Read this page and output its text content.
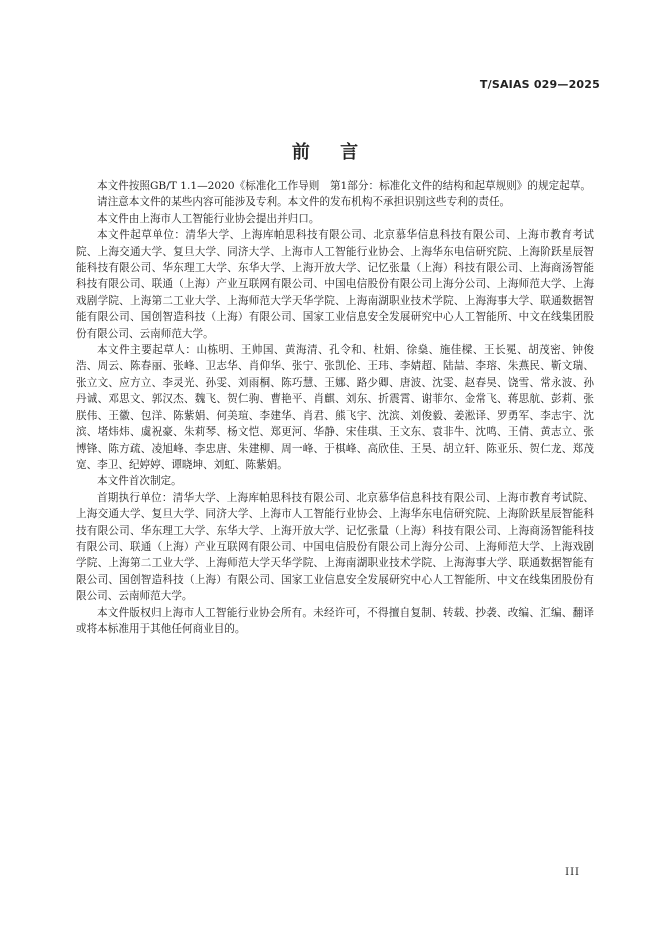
T/SAIAS 029—2025
前 言

本文件按照GB/T 1.1—2020《标准化工作导则　第1部分：标准化文件的结构和起草规则》的规定起草。

请注意本文件的某些内容可能涉及专利。本文件的发布机构不承担识别这些专利的责任。

本文件由上海市人工智能行业协会提出并归口。

本文件起草单位：清华大学、上海库帕思科技有限公司、北京慕华信息科技有限公司、上海市教育考试院、上海交通大学、复旦大学、同济大学、上海市人工智能行业协会、上海华东电信研究院、上海阶跃星辰智能科技有限公司、华东理工大学、东华大学、上海开放大学、记忆张量（上海）科技有限公司、上海商汤智能科技有限公司、联通（上海）产业互联网有限公司、中国电信股份有限公司上海分公司、上海师范大学、上海戏剧学院、上海第二工业大学、上海师范大学天华学院、上海南湖职业技术学院、上海海事大学、联通数据智能有限公司、国创智造科技（上海）有限公司、国家工业信息安全发展研究中心人工智能所、中文在线集团股份有限公司、云南师范大学。

本文件主要起草人：山栋明、王帅国、黄海清、孔令和、杜娟、徐燊、施佳樑、王长冕、胡茂密、钟俊浩、周云、陈春丽、张峰、卫志华、肖仰华、张宁、张凯伦、王玮、李婧超、陆喆、李瑢、朱燕民、靳文瑞、张立文、应方立、李灵光、孙雯、刘雨桐、陈巧慧、王娜、路少卿、唐波、沈雯、赵春昊、饶雪、常永波、孙丹诚、邓思文、郭汉杰、魏飞、贺仁驹、曹艳平、肖麒、刘东、折震霄、谢菲尔、金常飞、蒋思航、彭莉、张朕伟、王徽、包洋、陈紫娟、何美瑄、李建华、肖君、熊飞宇、沈滨、刘俊毅、姜淞译、罗勇军、李志宇、沈滨、堵炜炜、虞祝豪、朱莉琴、杨文恺、郑更河、华静、宋佳琪、王文东、袁非牛、沈鸣、王倩、黄志立、张博锋、陈方疏、凌旭峰、李忠唐、朱建柳、周一峰、于棋峰、高欣佳、王昊、胡立轩、陈亚乐、贺仁龙、郑茂宽、李卫、纪婷婷、谭晓坤、刘虹、陈紫娟。

本文件首次制定。

首期执行单位：清华大学、上海库帕思科技有限公司、北京慕华信息科技有限公司、上海市教育考试院、上海交通大学、复旦大学、同济大学、上海市人工智能行业协会、上海华东电信研究院、上海阶跃星辰智能科技有限公司、华东理工大学、东华大学、上海开放大学、记忆张量（上海）科技有限公司、上海商汤智能科技有限公司、联通（上海）产业互联网有限公司、中国电信股份有限公司上海分公司、上海师范大学、上海戏剧学院、上海第二工业大学、上海师范大学天华学院、上海南湖职业技术学院、上海海事大学、联通数据智能有限公司、国创智造科技（上海）有限公司、国家工业信息安全发展研究中心人工智能所、中文在线集团股份有限公司、云南师范大学。

本文件版权归上海市人工智能行业协会所有。未经许可，不得擅自复制、转载、抄袭、改编、汇编、翻译或将本标准用于其他任何商业目的。

III
